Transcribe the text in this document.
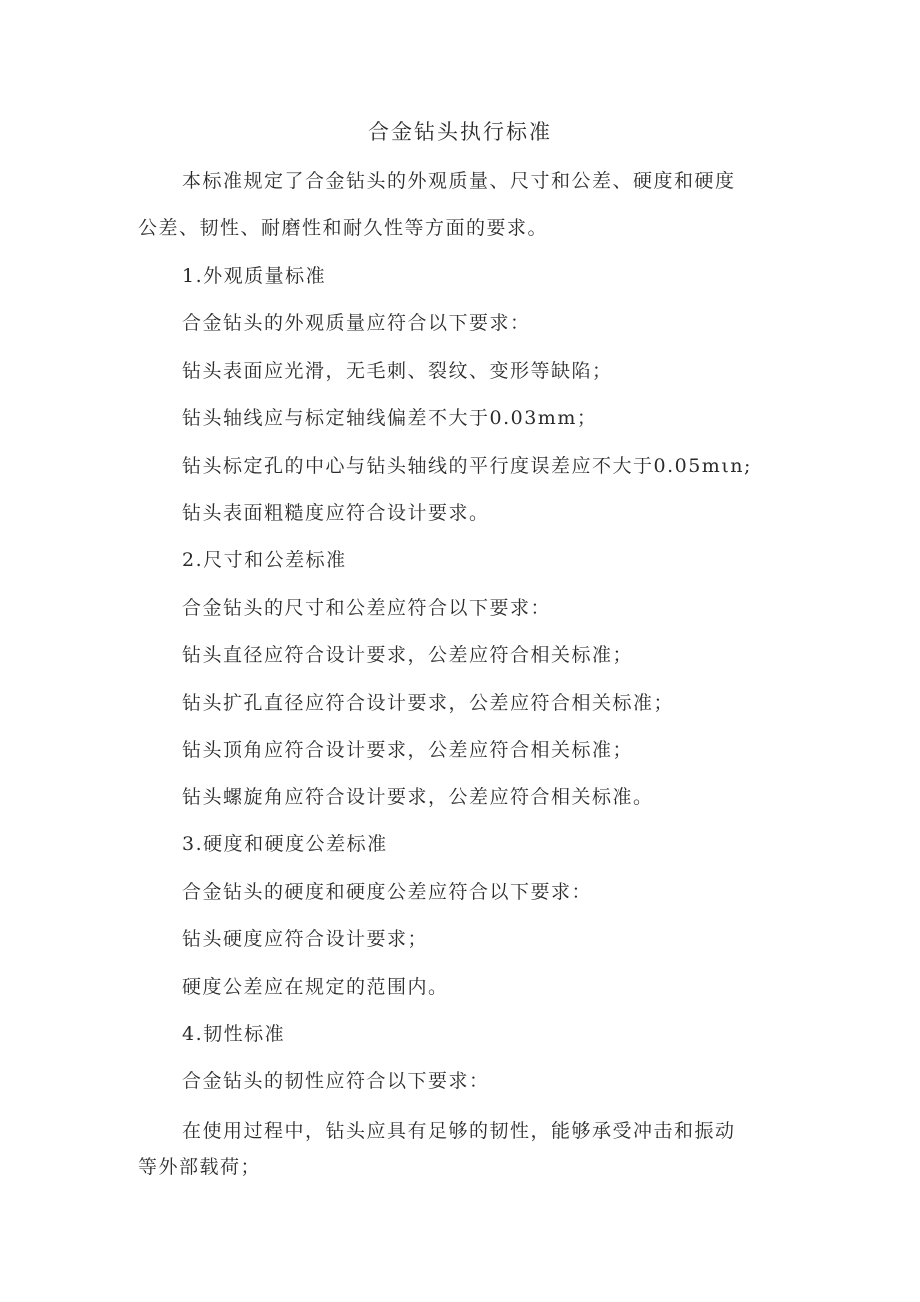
合金钻头执行标准
本标准规定了合金钻头的外观质量、尺寸和公差、硬度和硬度公差、韧性、耐磨性和耐久性等方面的要求。
1.外观质量标准
合金钻头的外观质量应符合以下要求：
钻头表面应光滑，无毛刺、裂纹、变形等缺陷；
钻头轴线应与标定轴线偏差不大于0.03mm；
钻头标定孔的中心与钻头轴线的平行度误差应不大于0.05mιn;
钻头表面粗糙度应符合设计要求。
2.尺寸和公差标准
合金钻头的尺寸和公差应符合以下要求：
钻头直径应符合设计要求，公差应符合相关标准；
钻头扩孔直径应符合设计要求，公差应符合相关标准；
钻头顶角应符合设计要求，公差应符合相关标准；
钻头螺旋角应符合设计要求，公差应符合相关标准。
3.硬度和硬度公差标准
合金钻头的硬度和硬度公差应符合以下要求：
钻头硬度应符合设计要求；
硬度公差应在规定的范围内。
4.韧性标准
合金钻头的韧性应符合以下要求：
在使用过程中，钻头应具有足够的韧性，能够承受冲击和振动等外部载荷；
